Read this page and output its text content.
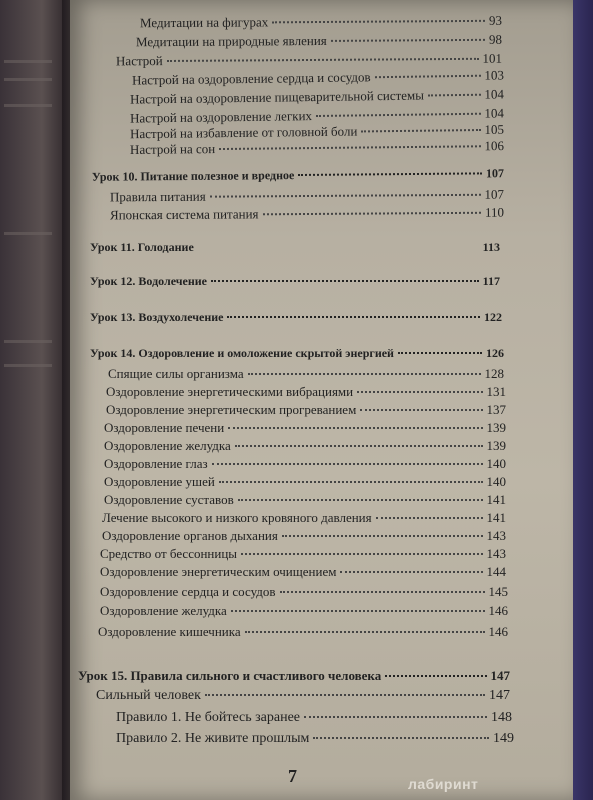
Медитации на фигурах	93
Медитации на природные явления	98
Настрой	101
Настрой на оздоровление сердца и сосудов	103
Настрой на оздоровление пищеварительной системы	104
Настрой на оздоровление легких	104
Настрой на избавление от головной боли	105
Настрой на сон	106
Урок 10. Питание полезное и вредное	107
Правила питания	107
Японская система питания	110
Урок 11. Голодание	113
Урок 12. Водолечение	117
Урок 13. Воздухолечение	122
Урок 14. Оздоровление и омоложение скрытой энергией	126
Спящие силы организма	128
Оздоровление энергетическими вибрациями	131
Оздоровление энергетическим прогреванием	137
Оздоровление печени	139
Оздоровление желудка	139
Оздоровление глаз	140
Оздоровление ушей	140
Оздоровление суставов	141
Лечение высокого и низкого кровяного давления	141
Оздоровление органов дыхания	143
Средство от бессонницы	143
Оздоровление энергетическим очищением	144
Оздоровление сердца и сосудов	145
Оздоровление желудка	146
Оздоровление кишечника	146
Урок 15. Правила сильного и счастливого человека	147
Сильный человек	147
Правило 1. Не бойтесь заранее	148
Правило 2. Не живите прошлым	149
7	лабиринт
